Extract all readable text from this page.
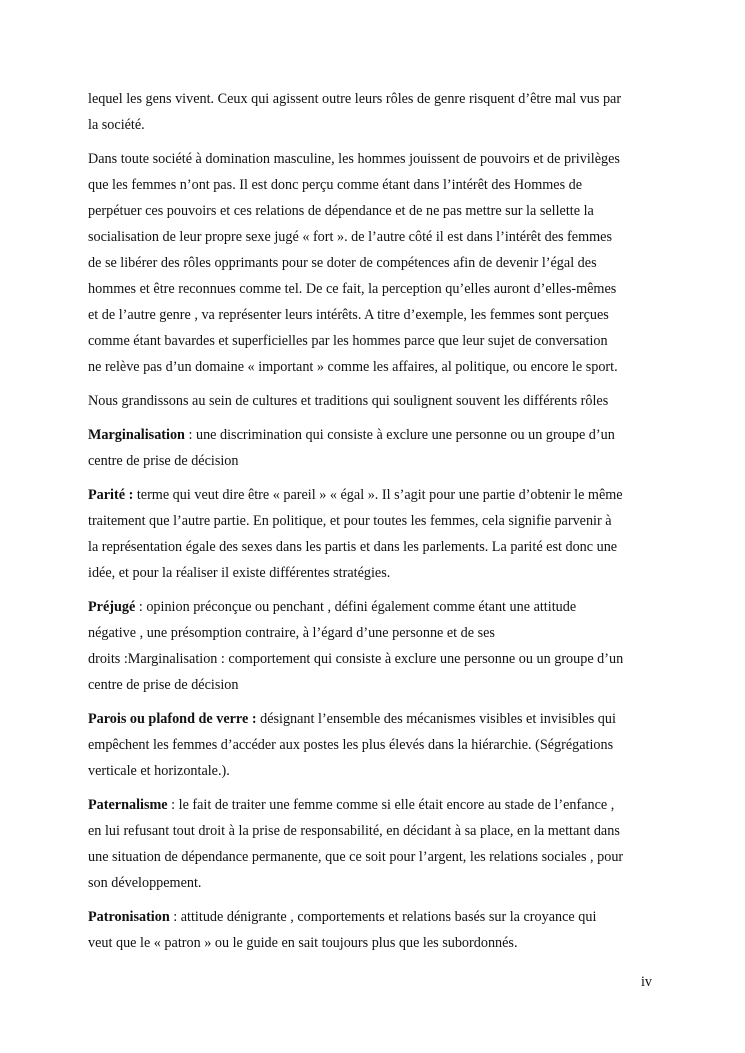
lequel les gens vivent. Ceux qui agissent outre leurs rôles de genre risquent d’être mal vus par
la société.

Dans toute société à domination masculine, les hommes jouissent de pouvoirs et de privilèges
que les femmes n’ont pas. Il est donc perçu comme étant dans l’intérêt des Hommes de
perpétuer ces pouvoirs et ces relations de dépendance et de ne pas mettre sur la sellette la
socialisation de leur propre sexe jugé « fort ». de l’autre côté il est dans l’intérêt des femmes
de se libérer des rôles opprimants pour se doter de compétences afin de devenir l’égal des
hommes et être reconnues comme tel. De ce fait, la perception qu’elles auront d’elles-mêmes
et de l’autre genre , va représenter leurs intérêts. A titre d’exemple, les femmes sont perçues
comme étant bavardes et superficielles par les hommes parce que leur sujet de conversation
ne relève pas d’un domaine « important » comme les affaires, al politique, ou encore le sport.

Nous grandissons au sein de cultures et traditions qui soulignent souvent les différents rôles

Marginalisation : une discrimination qui consiste à exclure une personne ou un groupe d’un
centre de prise de décision

Parité : terme qui veut dire être « pareil » « égal ». Il s’agit pour une partie d’obtenir le même
traitement que l’autre partie. En politique, et pour toutes les femmes, cela signifie parvenir à
la représentation égale des sexes dans les partis et dans les parlements. La parité est donc une
idée, et pour la réaliser il existe différentes stratégies.

Préjugé : opinion préconçue ou penchant , défini également comme étant une attitude
négative , une présomption contraire, à l’égard d’une personne et de ses
droits :Marginalisation : comportement qui consiste à exclure une personne ou un groupe d’un
centre de prise de décision

Parois ou plafond de verre : désignant l’ensemble des mécanismes visibles et invisibles qui
empêchent les femmes d’accéder aux postes les plus élevés dans la hiérarchie. (Ségrégations
verticale et horizontale.).

Paternalisme : le fait de traiter une femme comme si elle était encore au stade de l’enfance ,
en lui refusant tout droit à la prise de responsabilité, en décidant à sa place, en la mettant dans
une situation de dépendance permanente, que ce soit pour l’argent, les relations sociales , pour
son développement.

Patronisation : attitude dénigrante , comportements et relations basés sur la croyance qui
veut que le « patron » ou le guide en sait toujours plus que les subordonnés.

iv
